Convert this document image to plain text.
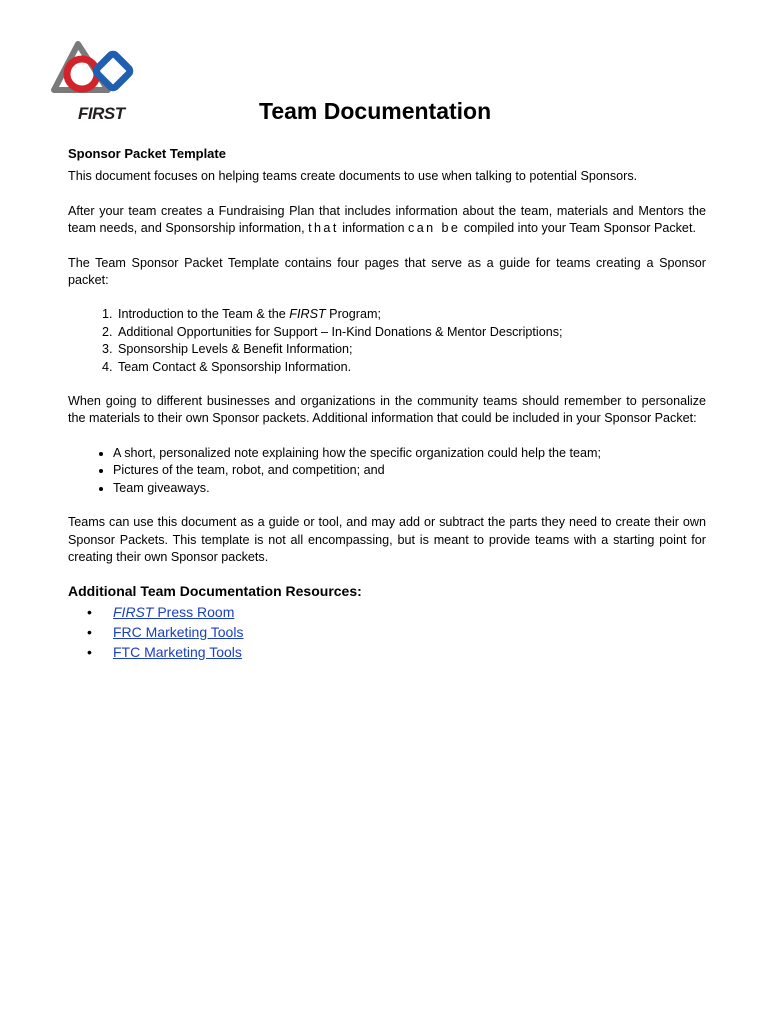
FIRST	Team Documentation
Sponsor Packet Template

This document focuses on helping teams create documents to use when talking to potential Sponsors.

After your team creates a Fundraising Plan that includes information about the team, materials and Mentors the team needs, and Sponsorship information, that information can be compiled into your Team Sponsor Packet.

The Team Sponsor Packet Template contains four pages that serve as a guide for teams creating a Sponsor packet:

1. Introduction to the Team & the FIRST Program;
2. Additional Opportunities for Support – In-Kind Donations & Mentor Descriptions;
3. Sponsorship Levels & Benefit Information;
4. Team Contact & Sponsorship Information.

When going to different businesses and organizations in the community teams should remember to personalize the materials to their own Sponsor packets. Additional information that could be included in your Sponsor Packet:

• A short, personalized note explaining how the specific organization could help the team;
• Pictures of the team, robot, and competition; and
• Team giveaways.

Teams can use this document as a guide or tool, and may add or subtract the parts they need to create their own Sponsor Packets. This template is not all encompassing, but is meant to provide teams with a starting point for creating their own Sponsor packets.

Additional Team Documentation Resources:
• FIRST Press Room
• FRC Marketing Tools
• FTC Marketing Tools
